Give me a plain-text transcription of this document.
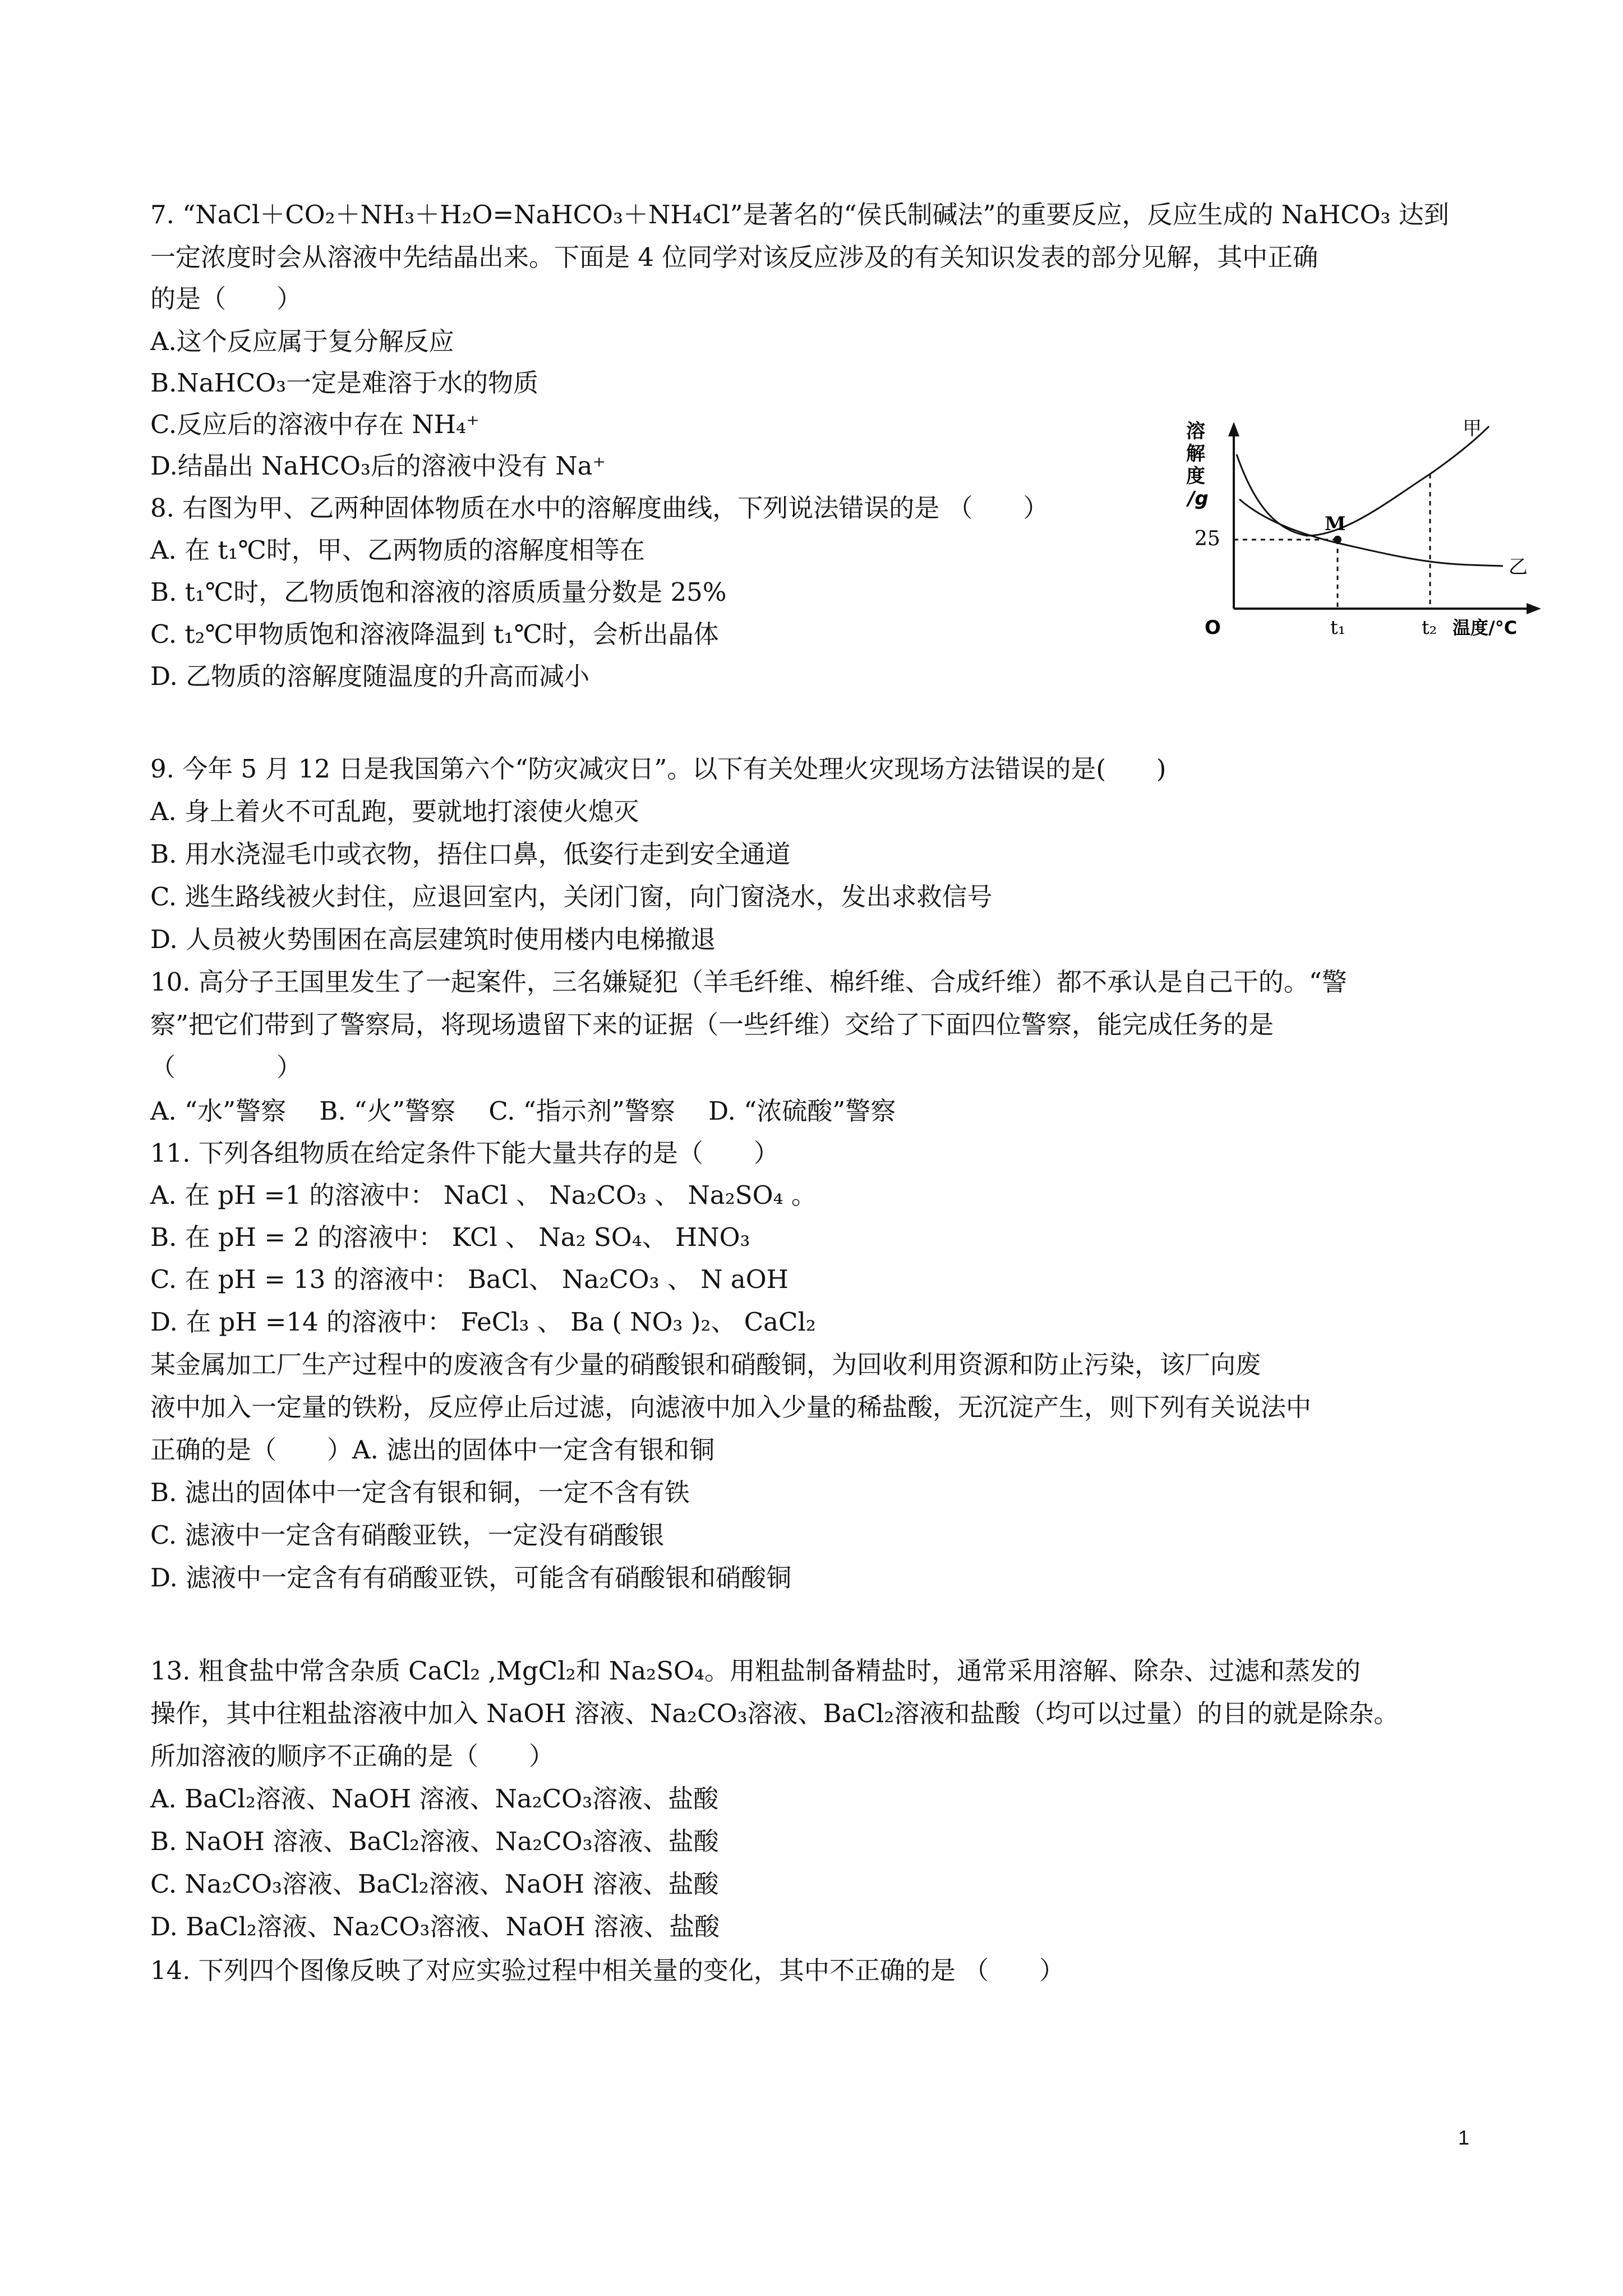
7. “NaCl＋CO₂＋NH₃＋H₂O=NaHCO₃＋NH₄Cl”是著名的“侯氏制碱法”的重要反应，反应生成的 NaHCO₃ 达到
一定浓度时会从溶液中先结晶出来。下面是 4 位同学对该反应涉及的有关知识发表的部分见解，其中正确
的是（　　）
A.这个反应属于复分解反应
B.NaHCO₃一定是难溶于水的物质
C.反应后的溶液中存在 NH₄⁺
D.结晶出 NaHCO₃后的溶液中没有 Na⁺
8. 右图为甲、乙两种固体物质在水中的溶解度曲线，下列说法错误的是 （　　）
A. 在 t₁℃时，甲、乙两物质的溶解度相等在
B. t₁℃时，乙物质饱和溶液的溶质质量分数是 25%
C. t₂℃甲物质饱和溶液降温到 t₁℃时，会析出晶体
D. 乙物质的溶解度随温度的升高而减小
9. 今年 5 月 12 日是我国第六个“防灾减灾日”。以下有关处理火灾现场方法错误的是(　　)
A. 身上着火不可乱跑，要就地打滚使火熄灭
B. 用水浇湿毛巾或衣物，捂住口鼻，低姿行走到安全通道
C. 逃生路线被火封住，应退回室内，关闭门窗，向门窗浇水，发出求救信号
D. 人员被火势围困在高层建筑时使用楼内电梯撤退
10. 高分子王国里发生了一起案件，三名嫌疑犯（羊毛纤维、棉纤维、合成纤维）都不承认是自己干的。“警
察”把它们带到了警察局，将现场遗留下来的证据（一些纤维）交给了下面四位警察，能完成任务的是
（　　　　）
A. “水”警察　 B. “火”警察　 C. “指示剂”警察　 D. “浓硫酸”警察
11. 下列各组物质在给定条件下能大量共存的是（　　）
A. 在 pH =1 的溶液中： NaCl 、 Na₂CO₃ 、 Na₂SO₄ 。
B. 在 pH = 2 的溶液中： KCl 、 Na₂ SO₄、 HNO₃
C. 在 pH = 13 的溶液中： BaCl、 Na₂CO₃ 、 N aOH
D. 在 pH =14 的溶液中： FeCl₃ 、 Ba ( NO₃ )₂、 CaCl₂
某金属加工厂生产过程中的废液含有少量的硝酸银和硝酸铜，为回收利用资源和防止污染，该厂向废
液中加入一定量的铁粉，反应停止后过滤，向滤液中加入少量的稀盐酸，无沉淀产生，则下列有关说法中
正确的是（　　）A. 滤出的固体中一定含有银和铜
B. 滤出的固体中一定含有银和铜，一定不含有铁
C. 滤液中一定含有硝酸亚铁，一定没有硝酸银
D. 滤液中一定含有有硝酸亚铁，可能含有硝酸银和硝酸铜
13. 粗食盐中常含杂质 CaCl₂ ,MgCl₂和 Na₂SO₄。用粗盐制备精盐时，通常采用溶解、除杂、过滤和蒸发的
操作，其中往粗盐溶液中加入 NaOH 溶液、Na₂CO₃溶液、BaCl₂溶液和盐酸（均可以过量）的目的就是除杂。
所加溶液的顺序不正确的是（　　）
A. BaCl₂溶液、NaOH 溶液、Na₂CO₃溶液、盐酸
B. NaOH 溶液、BaCl₂溶液、Na₂CO₃溶液、盐酸
C. Na₂CO₃溶液、BaCl₂溶液、NaOH 溶液、盐酸
D. BaCl₂溶液、Na₂CO₃溶液、NaOH 溶液、盐酸
14. 下列四个图像反映了对应实验过程中相关量的变化，其中不正确的是 （　　）
溶
解
度
/g
25
O
M
甲
乙
t₁	t₂ 温度/°C
1
